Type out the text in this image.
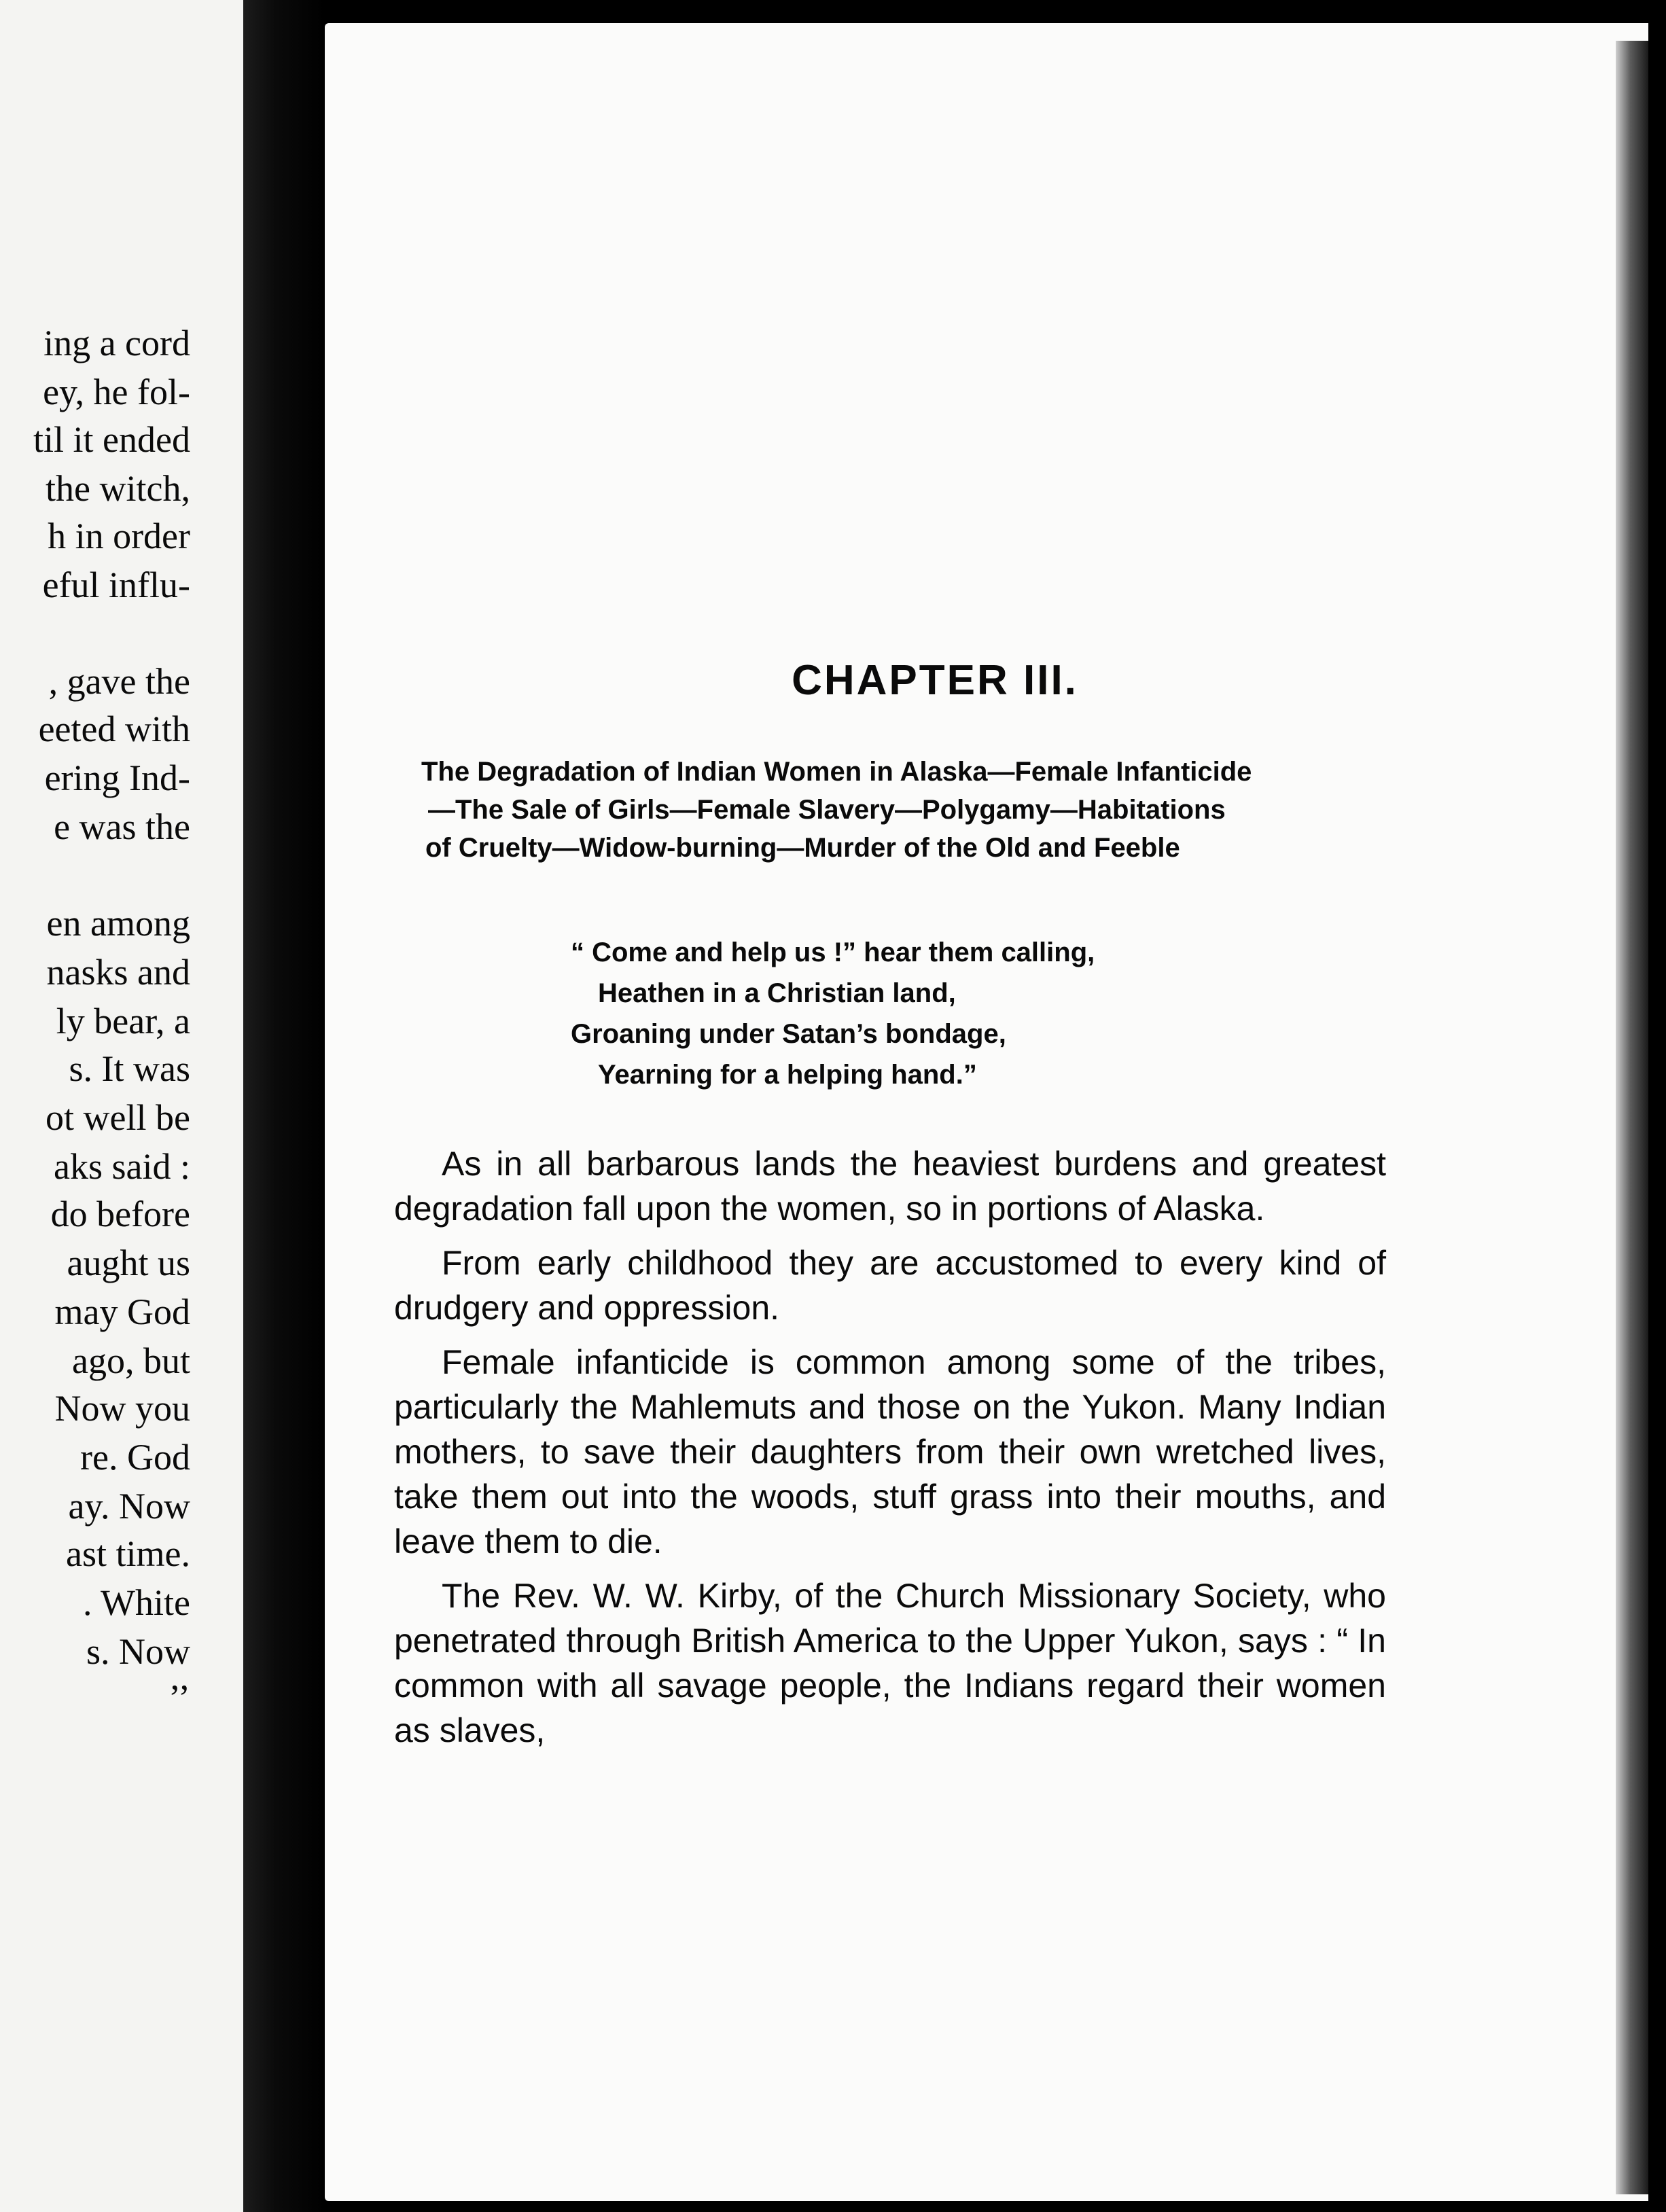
ing a cord
ey, he fol-
til it ended
the witch,
h in order
eful influ-
, gave the
eeted with
ering Ind-
e was the
en among
nasks and
ly bear, a
s. It was
ot well be
aks said :
do before
aught us
may God
ago, but
Now you
re. God
ay. Now
ast time.
. White
s. Now
’’
CHAPTER III.
The Degradation of Indian Women in Alaska—Female Infanticide
—The Sale of Girls—Female Slavery—Polygamy—Habitations
of Cruelty—Widow-burning—Murder of the Old and Feeble
“ Come and help us !” hear them calling,
Heathen in a Christian land,
Groaning under Satan’s bondage,
Yearning for a helping hand.”

As in all barbarous lands the heaviest burdens and greatest degradation fall upon the women, so in portions of Alaska.

From early childhood they are accustomed to every kind of drudgery and oppression.

Female infanticide is common among some of the tribes, particularly the Mahlemuts and those on the Yukon. Many Indian mothers, to save their daughters from their own wretched lives, take them out into the woods, stuff grass into their mouths, and leave them to die.

The Rev. W. W. Kirby, of the Church Missionary Society, who penetrated through British America to the Upper Yukon, says : “ In common with all savage people, the Indians regard their women as slaves,
